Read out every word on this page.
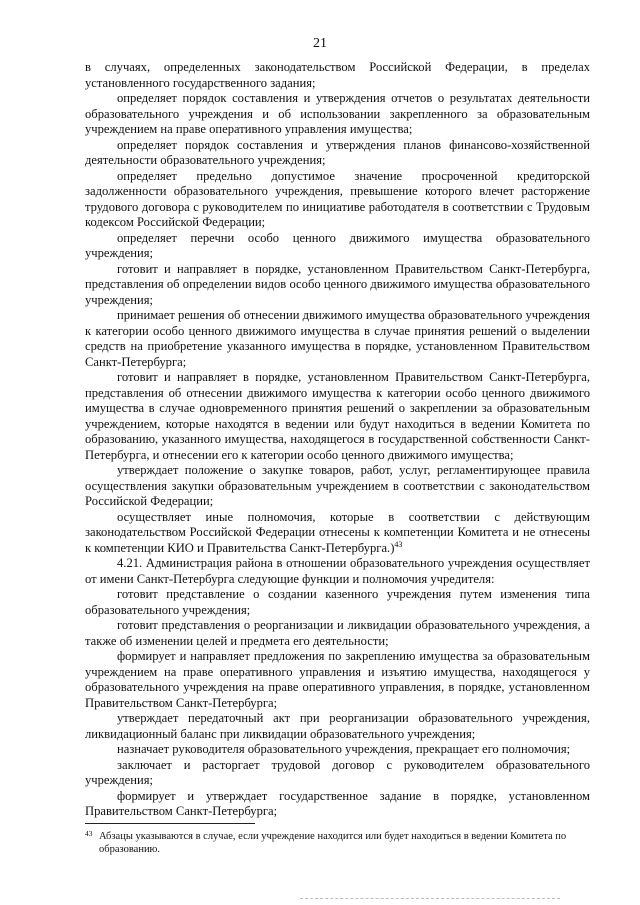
21

в случаях, определенных законодательством Российской Федерации, в пределах установленного государственного задания;

определяет порядок составления и утверждения отчетов о результатах деятельности образовательного учреждения и об использовании закрепленного за образовательным учреждением на праве оперативного управления имущества;

определяет порядок составления и утверждения планов финансово-хозяйственной деятельности образовательного учреждения;

определяет предельно допустимое значение просроченной кредиторской задолженности образовательного учреждения, превышение которого влечет расторжение трудового договора с руководителем по инициативе работодателя в соответствии с Трудовым кодексом Российской Федерации;

определяет перечни особо ценного движимого имущества образовательного учреждения;

готовит и направляет в порядке, установленном Правительством Санкт-Петербурга, представления об определении видов особо ценного движимого имущества образовательного учреждения;

принимает решения об отнесении движимого имущества образовательного учреждения к категории особо ценного движимого имущества в случае принятия решений о выделении средств на приобретение указанного имущества в порядке, установленном Правительством Санкт-Петербурга;

готовит и направляет в порядке, установленном Правительством Санкт-Петербурга, представления об отнесении движимого имущества к категории особо ценного движимого имущества в случае одновременного принятия решений о закреплении за образовательным учреждением, которые находятся в ведении или будут находиться в ведении Комитета по образованию, указанного имущества, находящегося в государственной собственности Санкт-Петербурга, и отнесении его к категории особо ценного движимого имущества;

утверждает положение о закупке товаров, работ, услуг, регламентирующее правила осуществления закупки образовательным учреждением в соответствии с законодательством Российской Федерации;

осуществляет иные полномочия, которые в соответствии с действующим законодательством Российской Федерации отнесены к компетенции Комитета и не отнесены к компетенции КИО и Правительства Санкт-Петербурга.)$^{43}$

4.21. Администрация района в отношении образовательного учреждения осуществляет от имени Санкт-Петербурга следующие функции и полномочия учредителя:

готовит представление о создании казенного учреждения путем изменения типа образовательного учреждения;

готовит представления о реорганизации и ликвидации образовательного учреждения, а также об изменении целей и предмета его деятельности;

формирует и направляет предложения по закреплению имущества за образовательным учреждением на праве оперативного управления и изъятию имущества, находящегося у образовательного учреждения на праве оперативного управления, в порядке, установленном Правительством Санкт-Петербурга;

утверждает передаточный акт при реорганизации образовательного учреждения, ликвидационный баланс при ликвидации образовательного учреждения;

назначает руководителя образовательного учреждения, прекращает его полномочия;

заключает и расторгает трудовой договор с руководителем образовательного учреждения;

формирует и утверждает государственное задание в порядке, установленном Правительством Санкт-Петербурга;

43 Абзацы указываются в случае, если учреждение находится или будет находиться в ведении Комитета по образованию.
